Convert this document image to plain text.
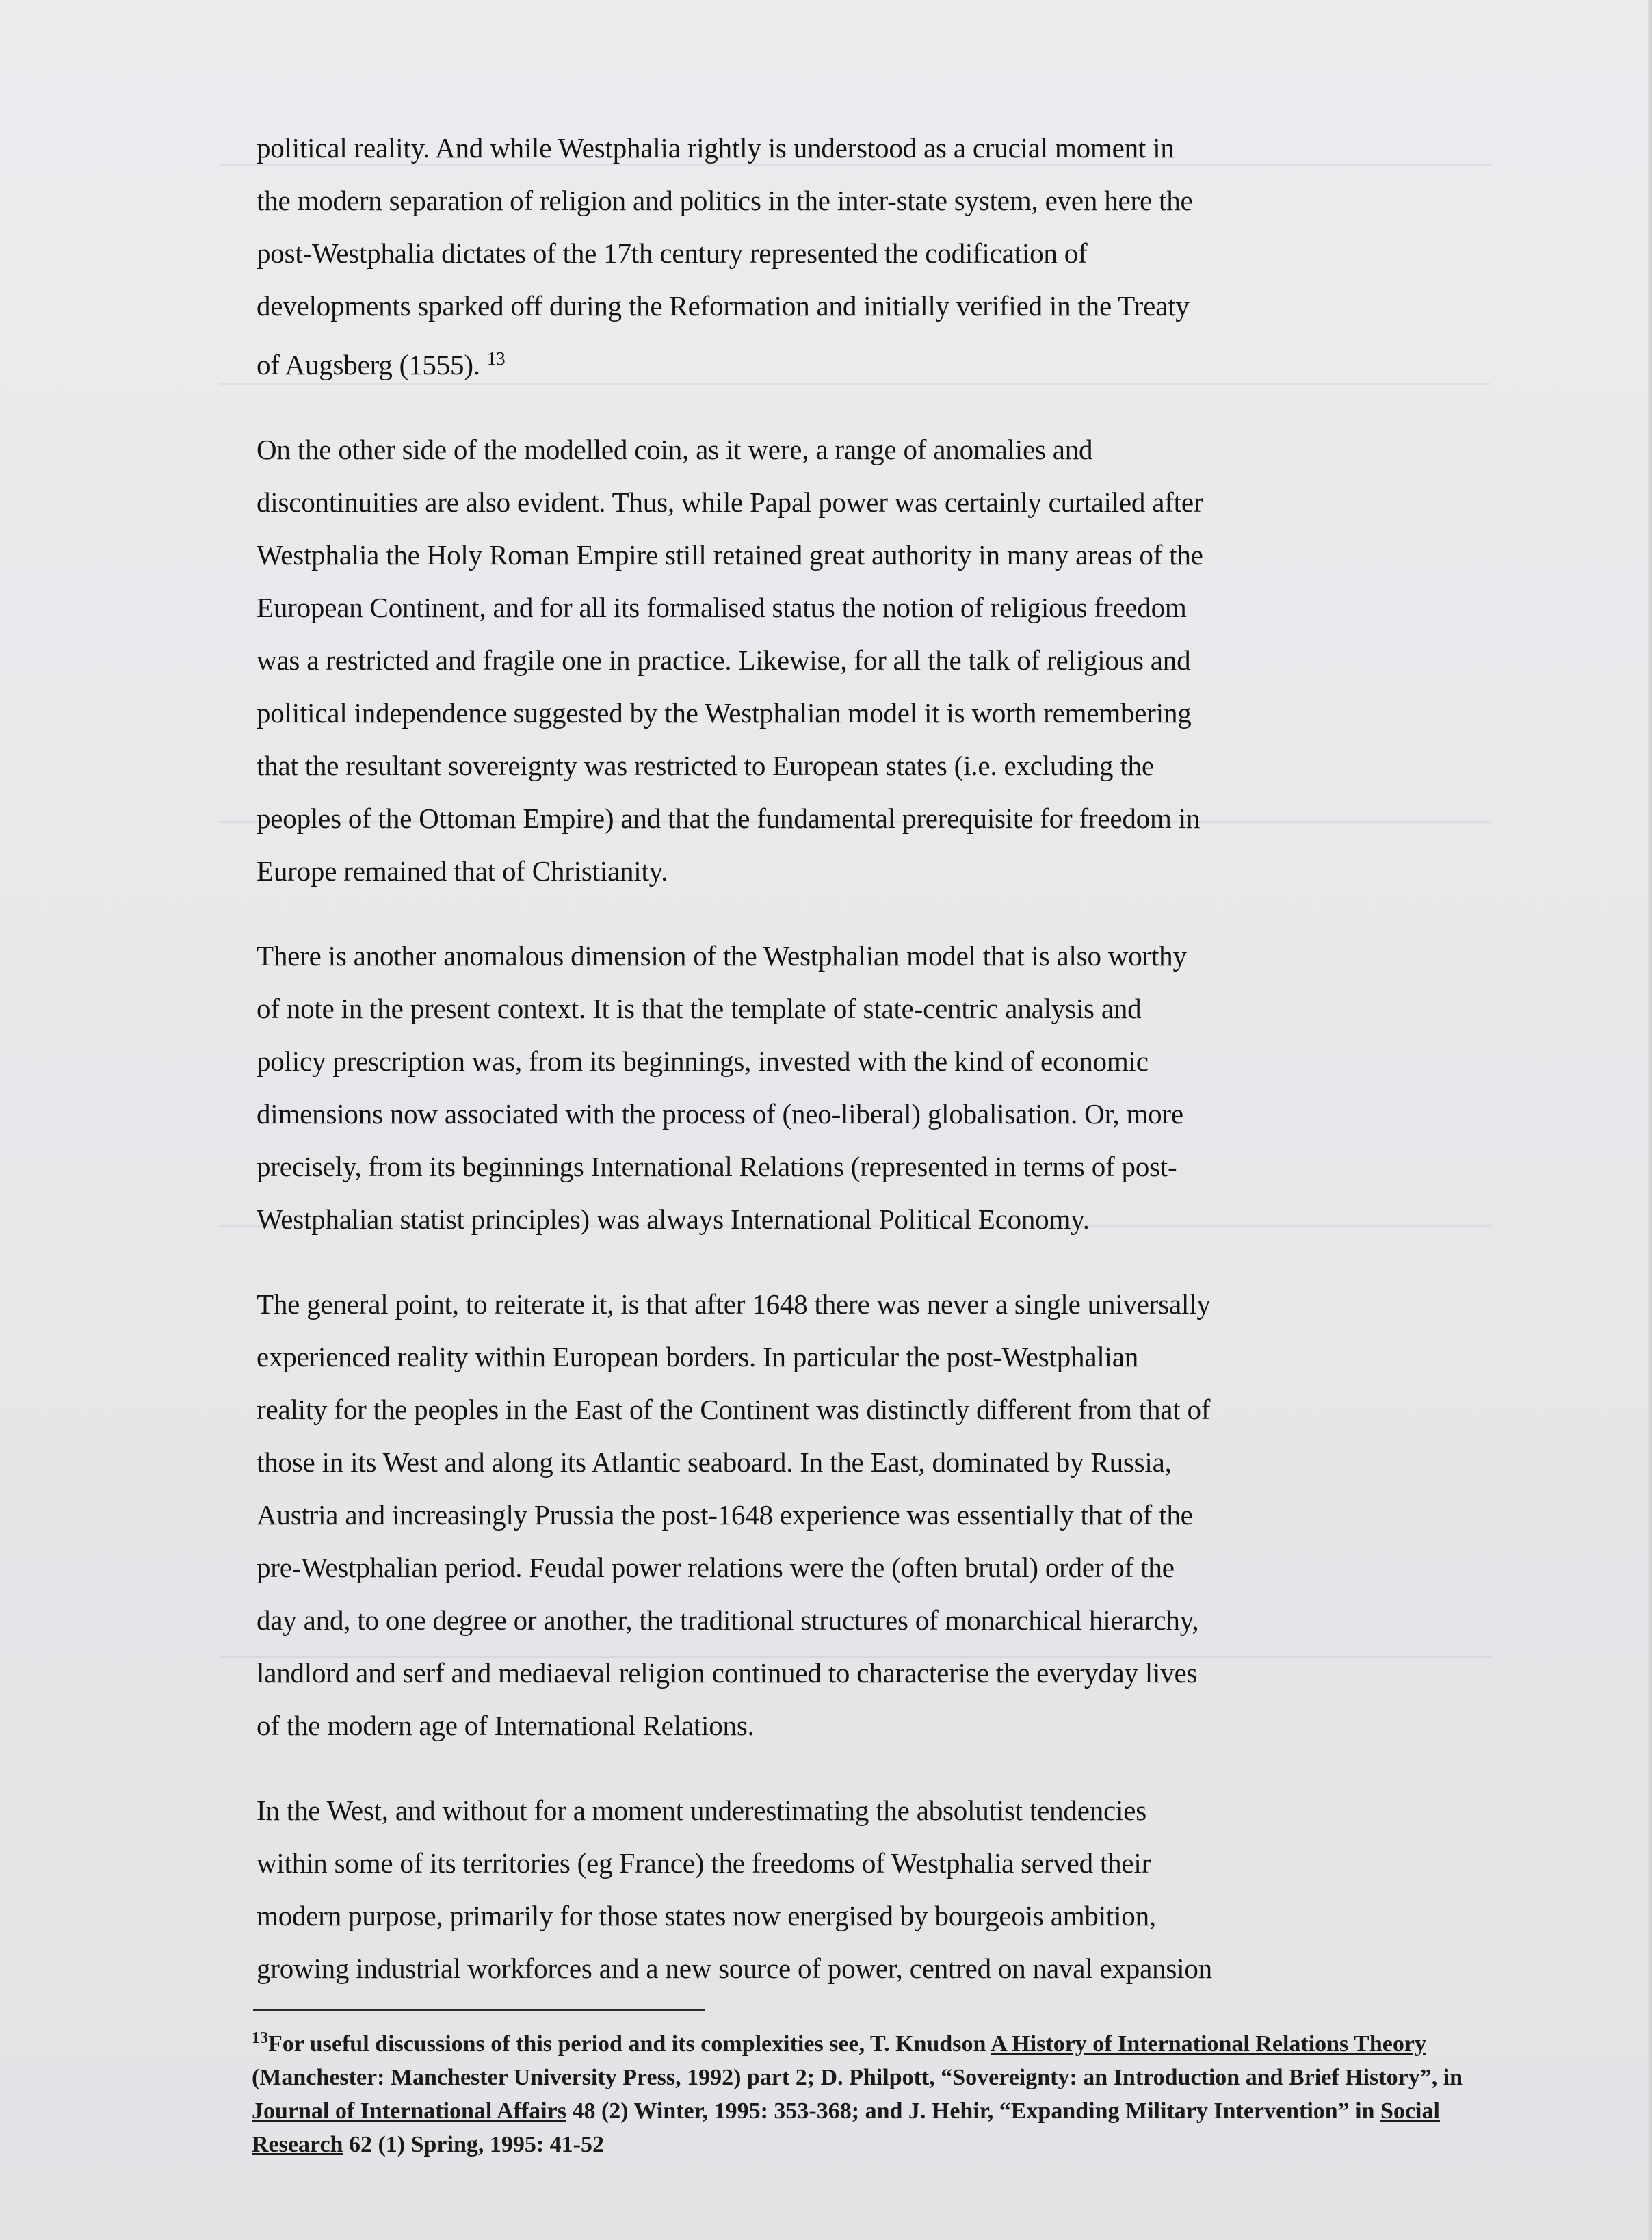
political reality. And while Westphalia rightly is understood as a crucial moment in
the modern separation of religion and politics in the inter-state system, even here the
post-Westphalia dictates of the 17th century represented the codification of
developments sparked off during the Reformation and initially verified in the Treaty
of Augsberg (1555). $^{13}$

On the other side of the modelled coin, as it were, a range of anomalies and
discontinuities are also evident. Thus, while Papal power was certainly curtailed after
Westphalia the Holy Roman Empire still retained great authority in many areas of the
European Continent, and for all its formalised status the notion of religious freedom
was a restricted and fragile one in practice. Likewise, for all the talk of religious and
political independence suggested by the Westphalian model it is worth remembering
that the resultant sovereignty was restricted to European states (i.e. excluding the
peoples of the Ottoman Empire) and that the fundamental prerequisite for freedom in
Europe remained that of Christianity.

There is another anomalous dimension of the Westphalian model that is also worthy
of note in the present context. It is that the template of state-centric analysis and
policy prescription was, from its beginnings, invested with the kind of economic
dimensions now associated with the process of (neo-liberal) globalisation. Or, more
precisely, from its beginnings International Relations (represented in terms of post-
Westphalian statist principles) was always International Political Economy.

The general point, to reiterate it, is that after 1648 there was never a single universally
experienced reality within European borders. In particular the post-Westphalian
reality for the peoples in the East of the Continent was distinctly different from that of
those in its West and along its Atlantic seaboard. In the East, dominated by Russia,
Austria and increasingly Prussia the post-1648 experience was essentially that of the
pre-Westphalian period. Feudal power relations were the (often brutal) order of the
day and, to one degree or another, the traditional structures of monarchical hierarchy,
landlord and serf and mediaeval religion continued to characterise the everyday lives
of the modern age of International Relations.

In the West, and without for a moment underestimating the absolutist tendencies
within some of its territories (eg France) the freedoms of Westphalia served their
modern purpose, primarily for those states now energised by bourgeois ambition,
growing industrial workforces and a new source of power, centred on naval expansion

$^{13}$For useful discussions of this period and its complexities see, T. Knudson A History of International Relations Theory (Manchester: Manchester University Press, 1992) part 2; D. Philpott, “Sovereignty: an Introduction and Brief History”, in Journal of International Affairs 48 (2) Winter, 1995: 353-368; and J. Hehir, “Expanding Military Intervention” in Social Research 62 (1) Spring, 1995: 41-52
